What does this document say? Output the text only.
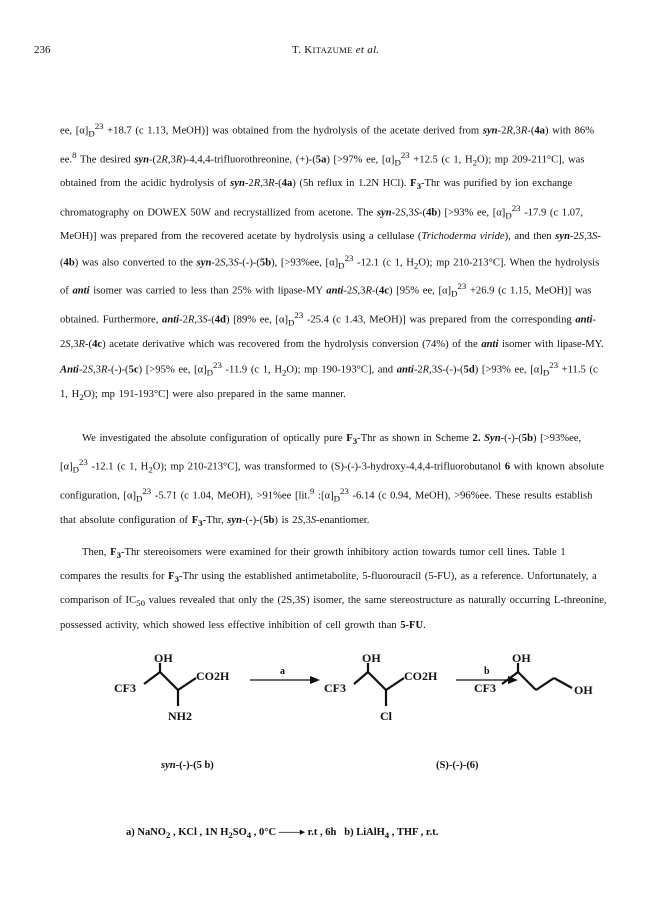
236	T. KITAZUME et al.

ee, $[\alpha]_D^{23} +18.7$ (c 1.13, MeOH)] was obtained from the hydrolysis of the acetate derived from syn-2R,3R-(4a) with 86% ee.$^8$ The desired syn-(2R,3R)-4,4,4-trifluorothreonine, (+)-(5a) [>97% ee, $[\alpha]_D^{23} +12.5$ (c 1, $H_2O$); mp 209-211°C], was obtained from the acidic hydrolysis of syn-2R,3R-(4a) (5h reflux in 1.2N HCl). $F_3$-Thr was purified by ion exchange chromatography on DOWEX 50W and recrystallized from acetone. The syn-2S,3S-(4b) [>93% ee, $[\alpha]_D^{23}$ -17.9 (c 1.07, MeOH)] was prepared from the recovered acetate by hydrolysis using a cellulase (Trichoderma viride), and then syn-2S,3S-(4b) was also converted to the syn-2S,3S-(-)-(5b), [>93%ee, $[\alpha]_D^{23}$ -12.1 (c 1, $H_2O$); mp 210-213°C]. When the hydrolysis of anti isomer was carried to less than 25% with lipase-MY anti-2S,3R-(4c) [95% ee, $[\alpha]_D^{23} +26.9$ (c 1.15, MeOH)] was obtained. Furthermore, anti-2R,3S-(4d) [89% ee, $[\alpha]_D^{23}$ -25.4 (c 1.43, MeOH)] was prepared from the corresponding anti-2S,3R-(4c) acetate derivative which was recovered from the hydrolysis conversion (74%) of the anti isomer with lipase-MY. Anti-2S,3R-(-)-(5c) [>95% ee, $[\alpha]_D^{23}$ -11.9 (c 1, $H_2O$); mp 190-193°C], and anti-2R,3S-(-)-(5d) [>93% ee, $[\alpha]_D^{23} +11.5$ (c 1, $H_2O$); mp 191-193°C] were also prepared in the same manner.

We investigated the absolute configuration of optically pure $F_3$-Thr as shown in Scheme 2. Syn-(-)-(5b) [>93%ee, $[\alpha]_D^{23}$ -12.1 (c 1, $H_2O$); mp 210-213°C], was transformed to (S)-(-)-3-hydroxy-4,4,4-trifluorobutanol 6 with known absolute configuration, $[\alpha]_D^{23}$ -5.71 (c 1.04, MeOH), >91%ee [lit.$^9$ $:[\alpha]_D^{23}$ -6.14 (c 0.94, MeOH), >96%ee. These results establish that absolute configuration of $F_3$-Thr, syn-(-)-(5b) is 2S,3S-enantiomer.

Then, $F_3$-Thr stereoisomers were examined for their growth inhibitory action towards tumor cell lines. Table 1 compares the results for $F_3$-Thr using the established antimetabolite, 5-fluorouracil (5-FU), as a reference. Unfortunately, a comparison of $IC_{50}$ values revealed that only the (2S,3S) isomer, the same stereostructure as naturally occurring L-threonine, possessed activity, which showed less effective inhibition of cell growth than 5-FU.

OH
CF3
CO2H
NH2
a
OH
CF3
CO2H
Cl
b
CF3
OH
OH
syn-(-)-(5 b)	(S)-(-)-(6)
a) NaNO$_2$ , KCl , 1N $H_2SO_4$ , 0°C ——▸ r.t , 6h   b) LiAlH$_4$ , THF , r.t.
